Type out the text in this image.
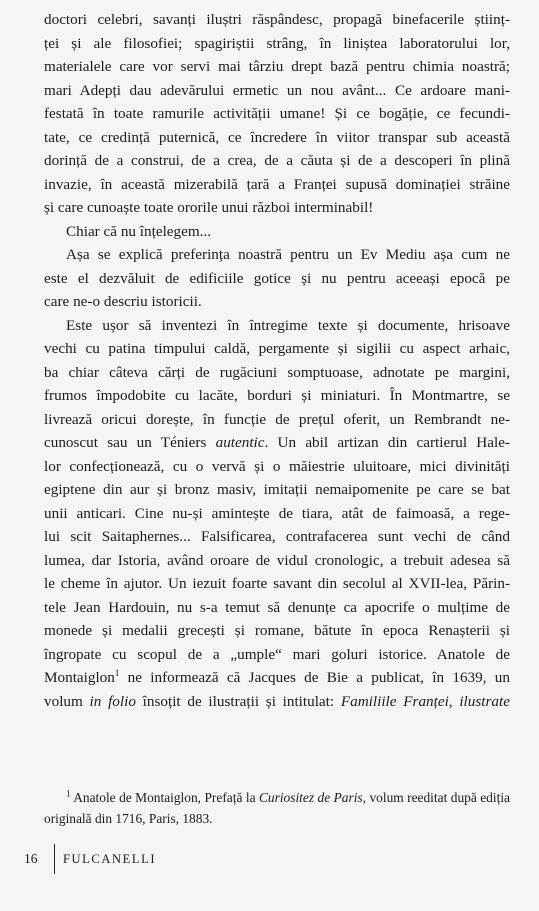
doctori celebri, savanți iluștri răspândesc, propagă binefacerile științ-
ței și ale filosofiei; spagiriștii strâng, în liniștea laboratorului lor,
materialele care vor servi mai târziu drept bază pentru chimia noastră;
mari Adepți dau adevărului ermetic un nou avânt... Ce ardoare mani-
festată în toate ramurile activității umane! Și ce bogăție, ce fecundi-
tate, ce credință puternică, ce încredere în viitor transpar sub această
dorință de a construi, de a crea, de a căuta și de a descoperi în plină
invazie, în această mizerabilă țară a Franței supusă dominației străine
și care cunoaște toate ororile unui război interminabil!

Chiar că nu înțelegem...

Așa se explică preferința noastră pentru un Ev Mediu așa cum ne
este el dezvăluit de edificiile gotice și nu pentru aceeași epocă pe
care ne-o descriu istoricii.

Este ușor să inventezi în întregime texte și documente, hrisoave
vechi cu patina timpului caldă, pergamente și sigilii cu aspect arhaic,
ba chiar câteva cărți de rugăciuni somptuoase, adnotate pe margini,
frumos împodobite cu lacăte, borduri și miniaturi. În Montmartre, se
livrează oricui dorește, în funcție de prețul oferit, un Rembrandt ne-
cunoscut sau un Téniers autentic. Un abil artizan din cartierul Hale-
lor confecționează, cu o vervă și o măiestrie uluitoare, mici divinități
egiptene din aur și bronz masiv, imitații nemaipomenite pe care se bat
unii anticari. Cine nu-și amintește de tiara, atât de faimoasă, a rege-
lui scit Saitaphernes... Falsificarea, contrafacerea sunt vechi de când
lumea, dar Istoria, având oroare de vidul cronologic, a trebuit adesea să
le cheme în ajutor. Un iezuit foarte savant din secolul al XVII-lea, Părin-
tele Jean Hardouin, nu s-a temut să denunțe ca apocrife o mulțime de
monede și medalii grecești și romane, bătute în epoca Renașterii și
îngropate cu scopul de a „umple“ mari goluri istorice. Anatole de
Montaiglon$^1$ ne informează că Jacques de Bie a publicat, în 1639, un
volum in folio însoțit de ilustrații și intitulat: Familiile Franței, ilustrate

$^1$ Anatole de Montaiglon, Prefață la Curiositez de Paris, volum reeditat după ediția
originală din 1716, Paris, 1883.
16	FULCANELLI
